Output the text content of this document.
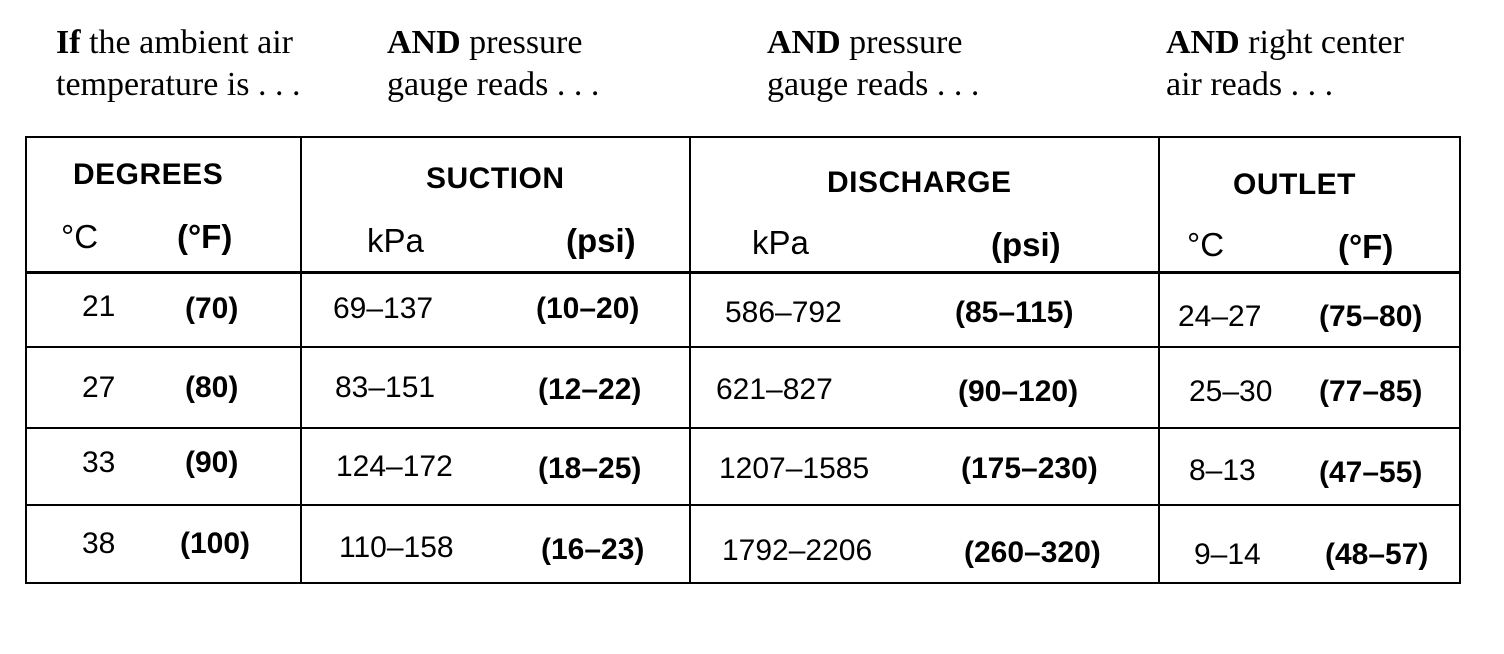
If the ambient air
temperature is . . .
AND pressure
gauge reads . . .
AND pressure
gauge reads . . .
AND right center
air reads . . .
DEGREES
°C (°F)
SUCTION
kPa	(psi)
DISCHARGE
kPa	(psi)
OUTLET
°C	(°F)
21 (70)	69–137	(10–20)	586–792	(85–115)	24–27 (75–80)
27 (80)	83–151	(12–22) 621–827	(90–120)	25–30 (77–85)
33 (90)	124–172	(18–25)	1207–1585	(175–230)	8–13 (47–55)
38 (100)	110–158	(16–23)	1792–2206	(260–320)	9–14 (48–57)
